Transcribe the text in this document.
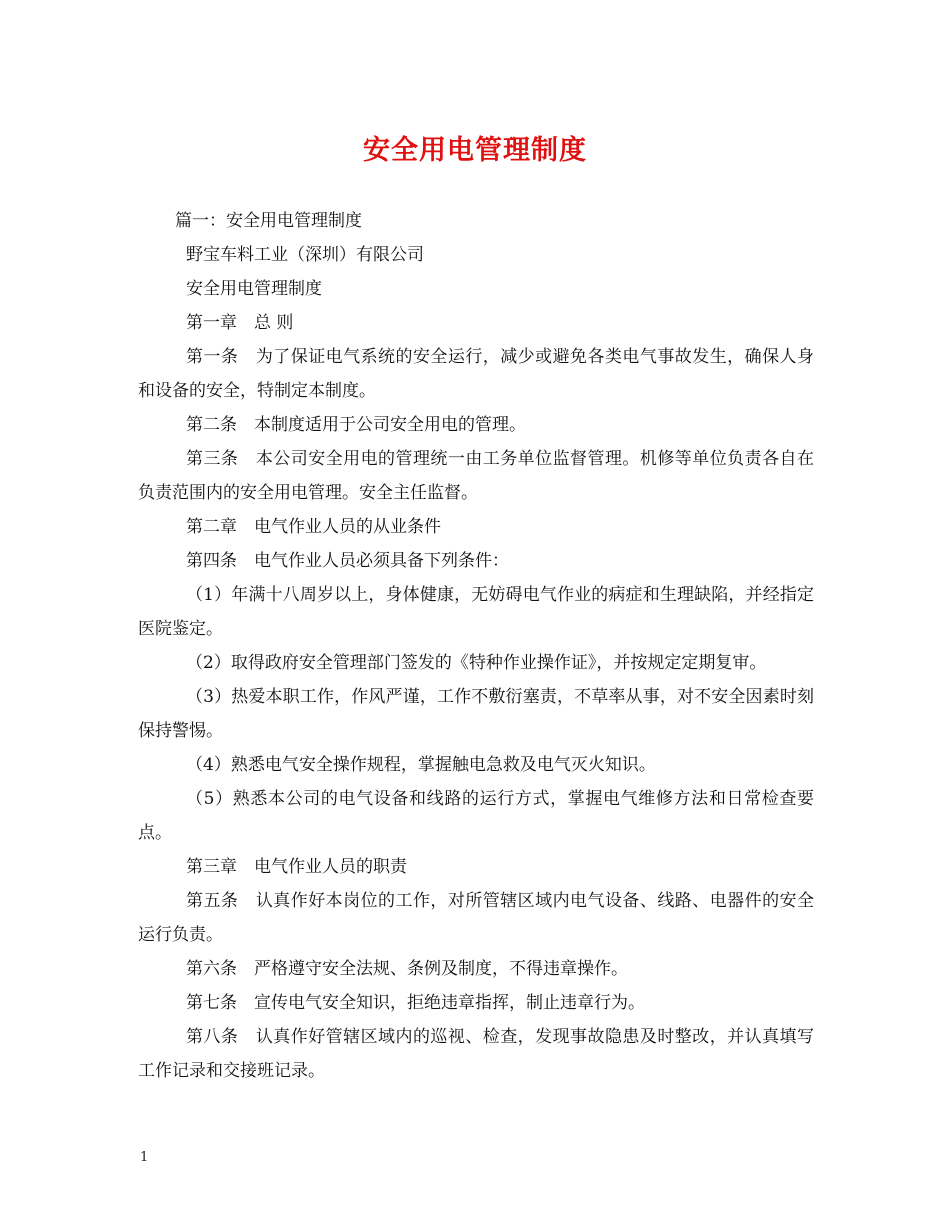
安全用电管理制度

篇一：安全用电管理制度

野宝车料工业（深圳）有限公司

安全用电管理制度

第一章　总 则

第一条　为了保证电气系统的安全运行，减少或避免各类电气事故发生，确保人身和设备的安全，特制定本制度。

第二条　本制度适用于公司安全用电的管理。

第三条　本公司安全用电的管理统一由工务单位监督管理。机修等单位负责各自在负责范围内的安全用电管理。安全主任监督。

第二章　电气作业人员的从业条件

第四条　电气作业人员必须具备下列条件：

（1）年满十八周岁以上，身体健康，无妨碍电气作业的病症和生理缺陷，并经指定医院鉴定。

（2）取得政府安全管理部门签发的《特种作业操作证》，并按规定定期复审。

（3）热爱本职工作，作风严谨，工作不敷衍塞责，不草率从事，对不安全因素时刻保持警惕。

（4）熟悉电气安全操作规程，掌握触电急救及电气灭火知识。

（5）熟悉本公司的电气设备和线路的运行方式，掌握电气维修方法和日常检查要点。

第三章　电气作业人员的职责

第五条　认真作好本岗位的工作，对所管辖区域内电气设备、线路、电器件的安全运行负责。

第六条　严格遵守安全法规、条例及制度，不得违章操作。

第七条　宣传电气安全知识，拒绝违章指挥，制止违章行为。

第八条　认真作好管辖区域内的巡视、检查，发现事故隐患及时整改，并认真填写工作记录和交接班记录。

1
